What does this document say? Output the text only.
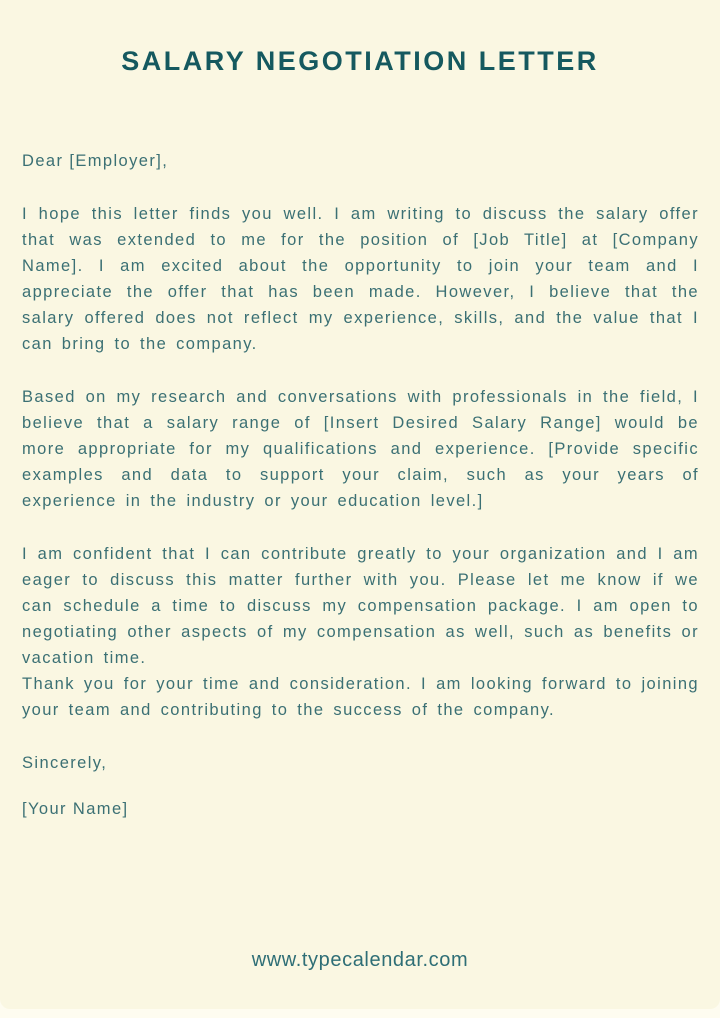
SALARY NEGOTIATION LETTER

Dear [Employer],

I hope this letter finds you well. I am writing to discuss the salary offer that was extended to me for the position of [Job Title] at [Company Name]. I am excited about the opportunity to join your team and I appreciate the offer that has been made. However, I believe that the salary offered does not reflect my experience, skills, and the value that I can bring to the company.

Based on my research and conversations with professionals in the field, I believe that a salary range of [Insert Desired Salary Range] would be more appropriate for my qualifications and experience. [Provide specific examples and data to support your claim, such as your years of experience in the industry or your education level.]

I am confident that I can contribute greatly to your organization and I am eager to discuss this matter further with you. Please let me know if we can schedule a time to discuss my compensation package. I am open to negotiating other aspects of my compensation as well, such as benefits or vacation time.

Thank you for your time and consideration. I am looking forward to joining your team and contributing to the success of the company.

Sincerely,

[Your Name]

www.typecalendar.com
